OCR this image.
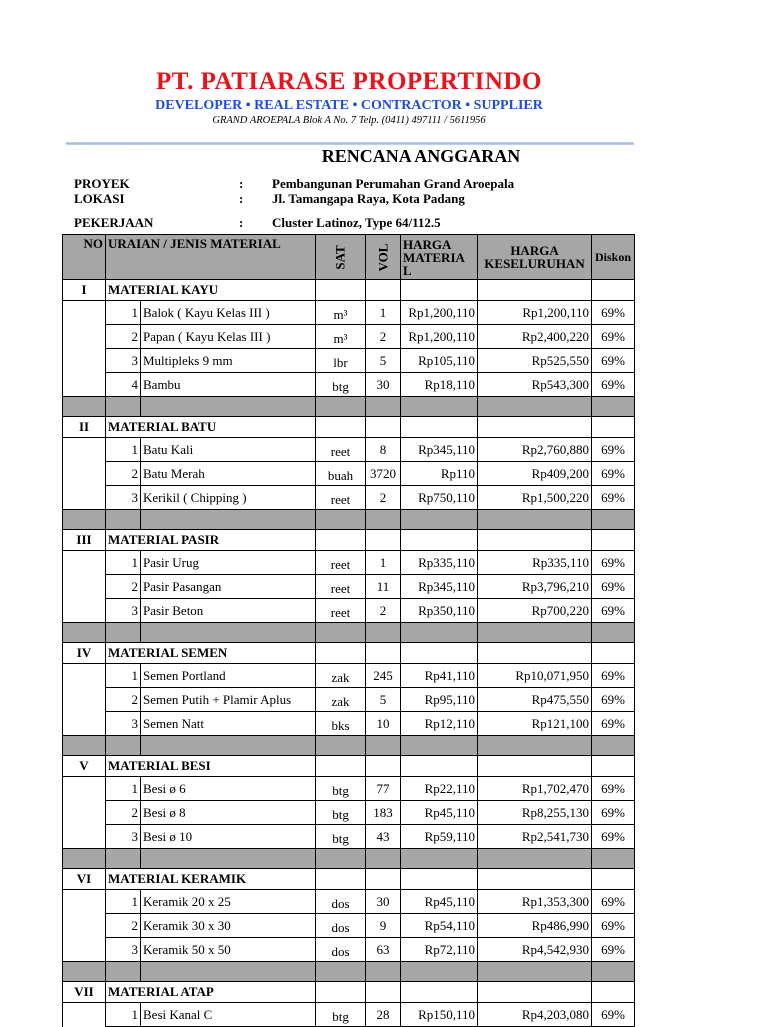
PT. PATIARASE PROPERTINDO
DEVELOPER • REAL ESTATE • CONTRACTOR • SUPPLIER
GRAND AROEPALA Blok A No. 7 Telp. (0411) 497111 / 5611956
RENCANA ANGGARAN
PROYEK	: Pembangunan Perumahan Grand Aroepala
LOKASI	: Jl. Tamangapa Raya, Kota Padang
PEKERJAAN	: Cluster Latinoz, Type 64/112.5
NO	URAIAN / JENIS MATERIAL		SAT	VOL	HARGA MATERIA L	HARGA KESELURUHAN	Diskon
I	MATERIAL KAYU						
	1	Balok ( Kayu Kelas III )	m³	1	Rp1,200,110	Rp1,200,110	69%
	2	Papan ( Kayu Kelas III )	m³	2	Rp1,200,110	Rp2,400,220	69%
	3	Multipleks 9 mm	lbr	5	Rp105,110	Rp525,550	69%
	4	Bambu	btg	30	Rp18,110	Rp543,300	69%

II	MATERIAL BATU						
	1	Batu Kali	reet	8	Rp345,110	Rp2,760,880	69%
	2	Batu Merah	buah	3720	Rp110	Rp409,200	69%
	3	Kerikil ( Chipping )	reet	2	Rp750,110	Rp1,500,220	69%

III	MATERIAL PASIR						
	1	Pasir Urug	reet	1	Rp335,110	Rp335,110	69%
	2	Pasir Pasangan	reet	11	Rp345,110	Rp3,796,210	69%
	3	Pasir Beton	reet	2	Rp350,110	Rp700,220	69%

IV	MATERIAL SEMEN						
	1	Semen Portland	zak	245	Rp41,110	Rp10,071,950	69%
	2	Semen Putih + Plamir Aplus	zak	5	Rp95,110	Rp475,550	69%
	3	Semen Natt	bks	10	Rp12,110	Rp121,100	69%

V	MATERIAL BESI						
	1	Besi ø 6	btg	77	Rp22,110	Rp1,702,470	69%
	2	Besi ø 8	btg	183	Rp45,110	Rp8,255,130	69%
	3	Besi ø 10	btg	43	Rp59,110	Rp2,541,730	69%

VI	MATERIAL KERAMIK						
	1	Keramik 20 x 25	dos	30	Rp45,110	Rp1,353,300	69%
	2	Keramik 30 x 30	dos	9	Rp54,110	Rp486,990	69%
	3	Keramik 50 x 50	dos	63	Rp72,110	Rp4,542,930	69%

VII	MATERIAL ATAP						
	1	Besi Kanal C	btg	28	Rp150,110	Rp4,203,080	69%
